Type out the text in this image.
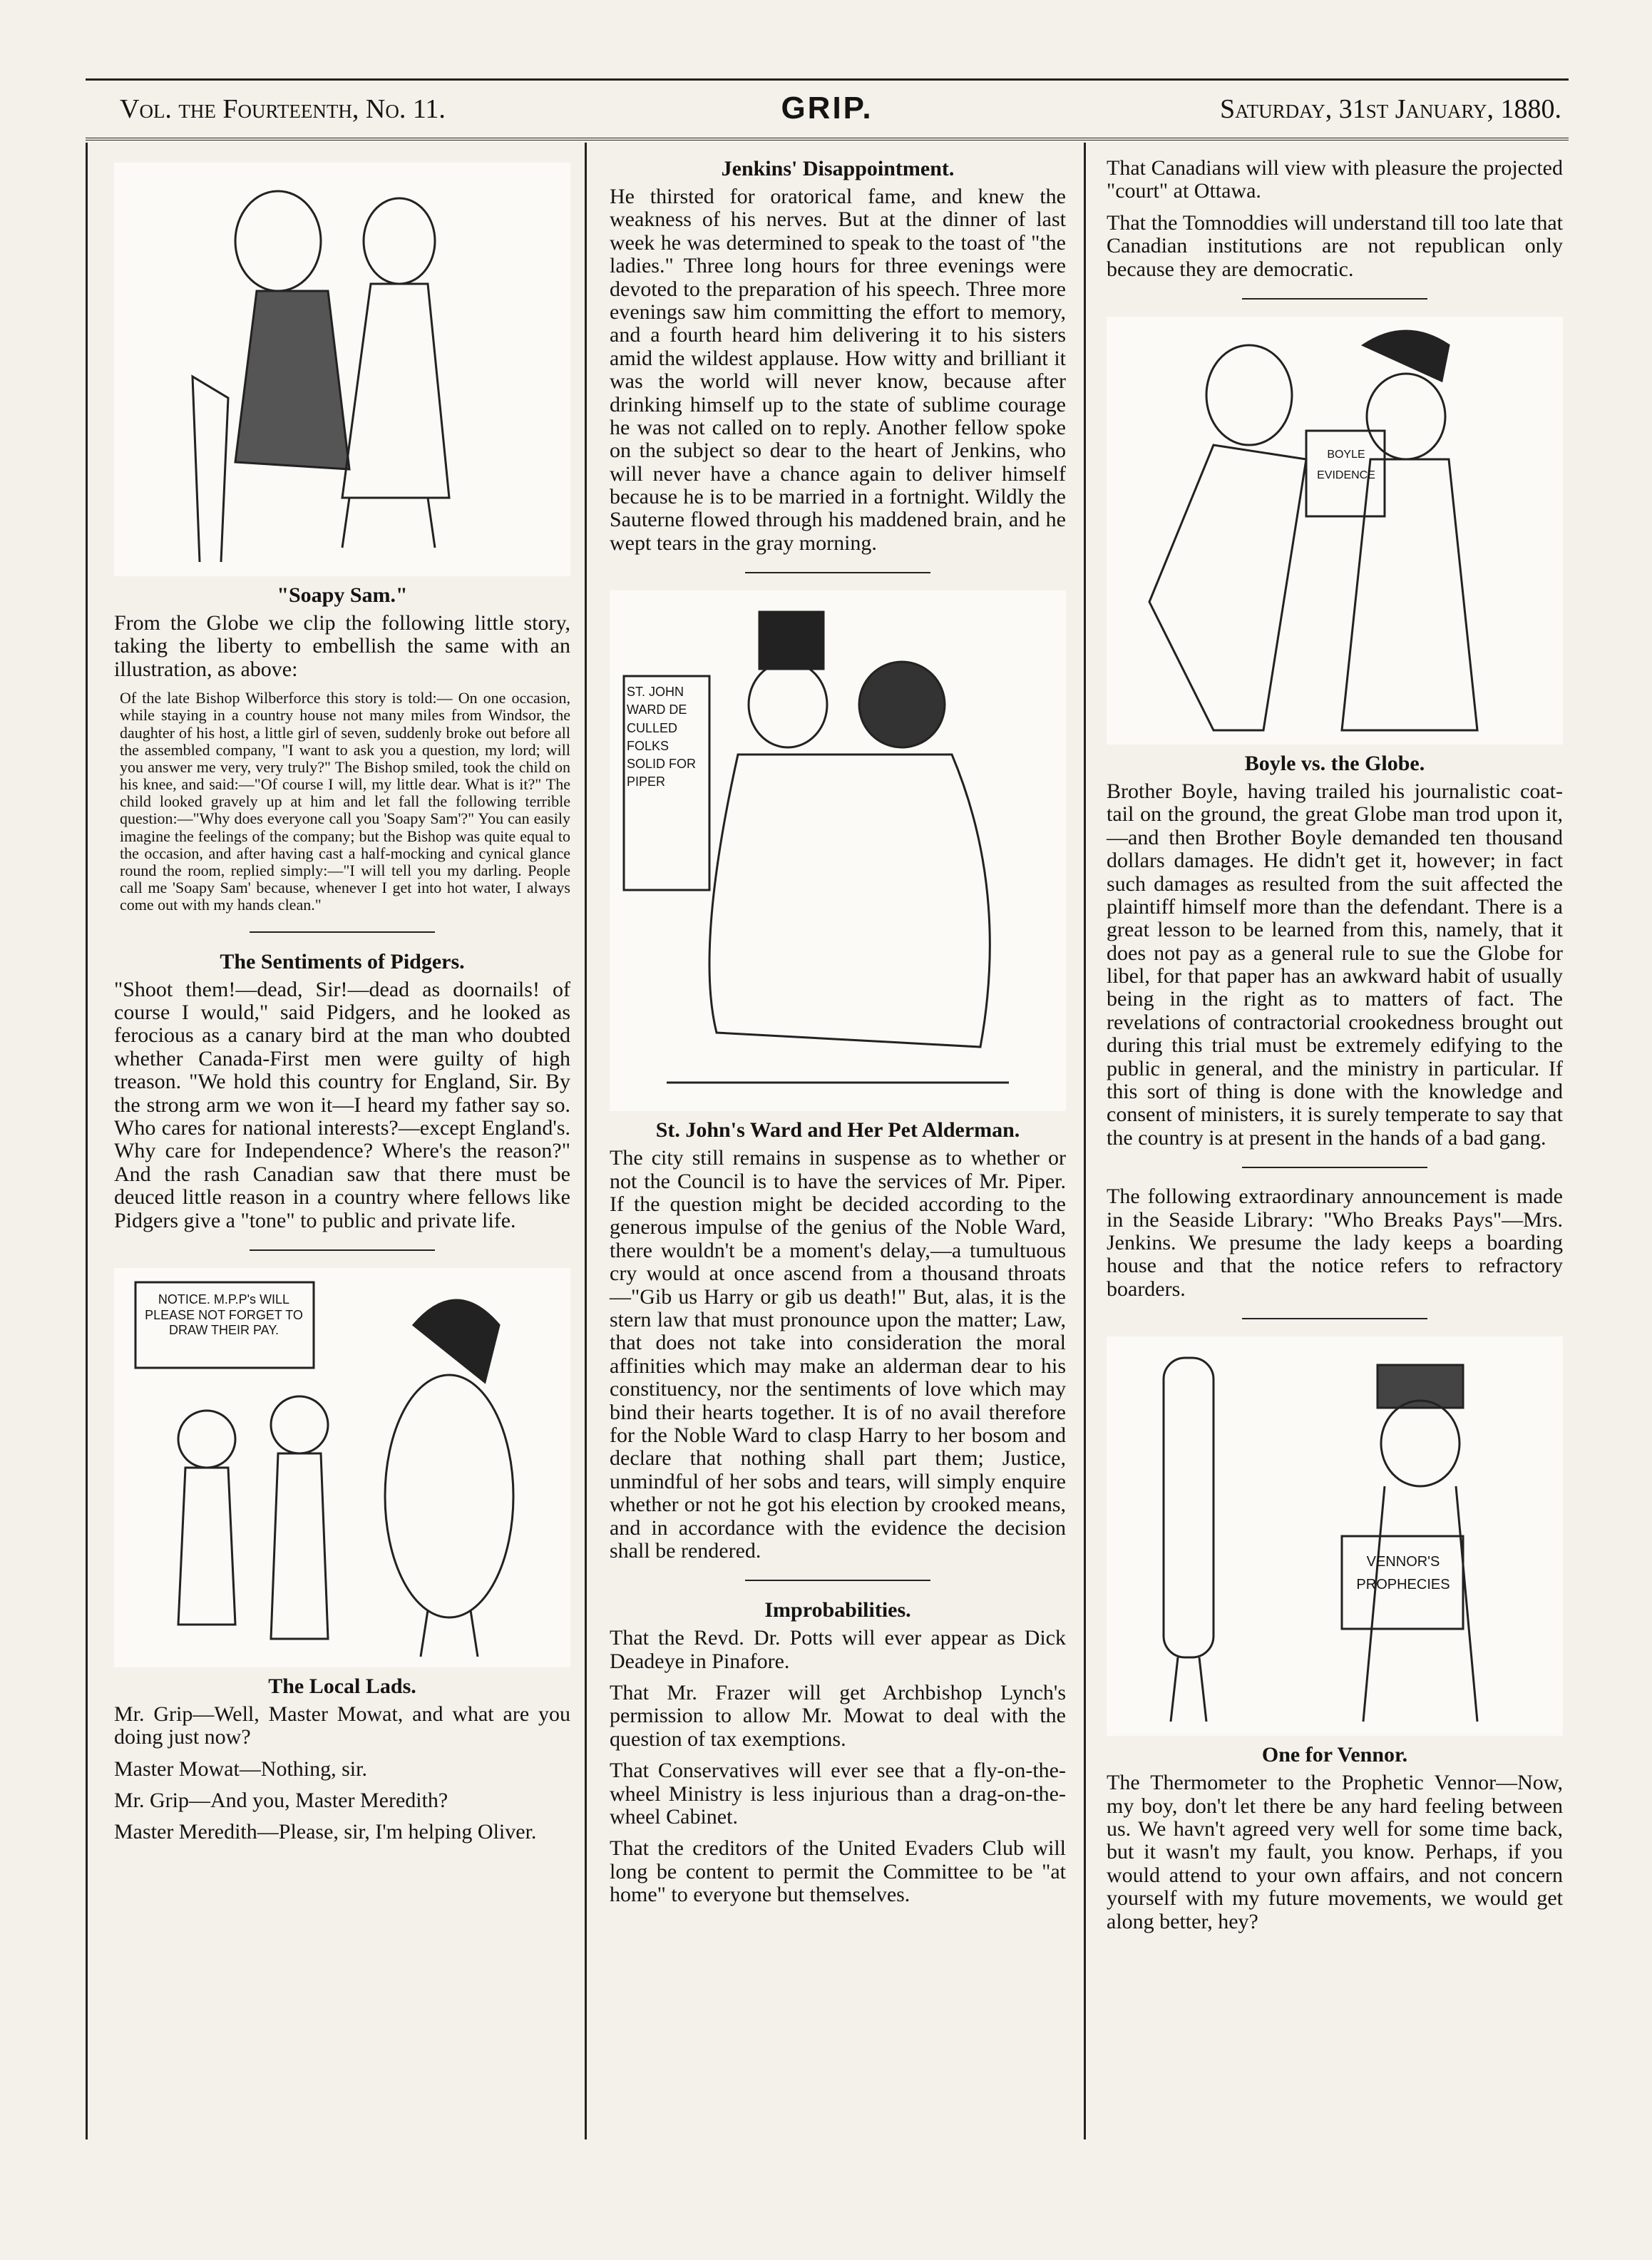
Vol. the Fourteenth, No. 11.	GRIP.	Saturday, 31st January, 1880.
"Soapy Sam."

From the Globe we clip the following little story, taking the liberty to embellish the same with an illustration, as above:

Of the late Bishop Wilberforce this story is told:— On one occasion, while staying in a country house not many miles from Windsor, the daughter of his host, a little girl of seven, suddenly broke out before all the assembled company, "I want to ask you a question, my lord; will you answer me very, very truly?" The Bishop smiled, took the child on his knee, and said:—"Of course I will, my little dear. What is it?" The child looked gravely up at him and let fall the following terrible question:—"Why does everyone call you 'Soapy Sam'?" You can easily imagine the feelings of the company; but the Bishop was quite equal to the occasion, and after having cast a half-mocking and cynical glance round the room, replied simply:—"I will tell you my darling. People call me 'Soapy Sam' because, whenever I get into hot water, I always come out with my hands clean."

The Sentiments of Pidgers.

"Shoot them!—dead, Sir!—dead as doornails! of course I would," said Pidgers, and he looked as ferocious as a canary bird at the man who doubted whether Canada-First men were guilty of high treason. "We hold this country for England, Sir. By the strong arm we won it—I heard my father say so. Who cares for national interests?—except England's. Why care for Independence? Where's the reason?" And the rash Canadian saw that there must be deuced little reason in a country where fellows like Pidgers give a "tone" to public and private life.

NOTICE. M.P.P's WILL PLEASE NOT FORGET TO DRAW THEIR PAY.
The Local Lads.

Mr. Grip—Well, Master Mowat, and what are you doing just now?

Master Mowat—Nothing, sir.

Mr. Grip—And you, Master Meredith?

Master Meredith—Please, sir, I'm helping Oliver.

Jenkins' Disappointment.

He thirsted for oratorical fame, and knew the weakness of his nerves. But at the dinner of last week he was determined to speak to the toast of "the ladies." Three long hours for three evenings were devoted to the preparation of his speech. Three more evenings saw him committing the effort to memory, and a fourth heard him delivering it to his sisters amid the wildest applause. How witty and brilliant it was the world will never know, because after drinking himself up to the state of sublime courage he was not called on to reply. Another fellow spoke on the subject so dear to the heart of Jenkins, who will never have a chance again to deliver himself because he is to be married in a fortnight. Wildly the Sauterne flowed through his maddened brain, and he wept tears in the gray morning.

ST. JOHN WARD DE CULLED FOLKS SOLID FOR PIPER
St. John's Ward and Her Pet Alderman.

The city still remains in suspense as to whether or not the Council is to have the services of Mr. Piper. If the question might be decided according to the generous impulse of the genius of the Noble Ward, there wouldn't be a moment's delay,—a tumultuous cry would at once ascend from a thousand throats—"Gib us Harry or gib us death!" But, alas, it is the stern law that must pronounce upon the matter; Law, that does not take into consideration the moral affinities which may make an alderman dear to his constituency, nor the sentiments of love which may bind their hearts together. It is of no avail therefore for the Noble Ward to clasp Harry to her bosom and declare that nothing shall part them; Justice, unmindful of her sobs and tears, will simply enquire whether or not he got his election by crooked means, and in accordance with the evidence the decision shall be rendered.

Improbabilities.

That the Revd. Dr. Potts will ever appear as Dick Deadeye in Pinafore.

That Mr. Frazer will get Archbishop Lynch's permission to allow Mr. Mowat to deal with the question of tax exemptions.

That Conservatives will ever see that a fly-on-the-wheel Ministry is less injurious than a drag-on-the-wheel Cabinet.

That the creditors of the United Evaders Club will long be content to permit the Committee to be "at home" to everyone but themselves.

That Canadians will view with pleasure the projected "court" at Ottawa.

That the Tomnoddies will understand till too late that Canadian institutions are not republican only because they are democratic.

BOYLE EVIDENCE
Boyle vs. the Globe.

Brother Boyle, having trailed his journalistic coat-tail on the ground, the great Globe man trod upon it,—and then Brother Boyle demanded ten thousand dollars damages. He didn't get it, however; in fact such damages as resulted from the suit affected the plaintiff himself more than the defendant. There is a great lesson to be learned from this, namely, that it does not pay as a general rule to sue the Globe for libel, for that paper has an awkward habit of usually being in the right as to matters of fact. The revelations of contractorial crookedness brought out during this trial must be extremely edifying to the public in general, and the ministry in particular. If this sort of thing is done with the knowledge and consent of ministers, it is surely temperate to say that the country is at present in the hands of a bad gang.

The following extraordinary announcement is made in the Seaside Library: "Who Breaks Pays"—Mrs. Jenkins. We presume the lady keeps a boarding house and that the notice refers to refractory boarders.

VENNOR'S PROPHECIES
One for Vennor.

The Thermometer to the Prophetic Vennor—Now, my boy, don't let there be any hard feeling between us. We havn't agreed very well for some time back, but it wasn't my fault, you know. Perhaps, if you would attend to your own affairs, and not concern yourself with my future movements, we would get along better, hey?
